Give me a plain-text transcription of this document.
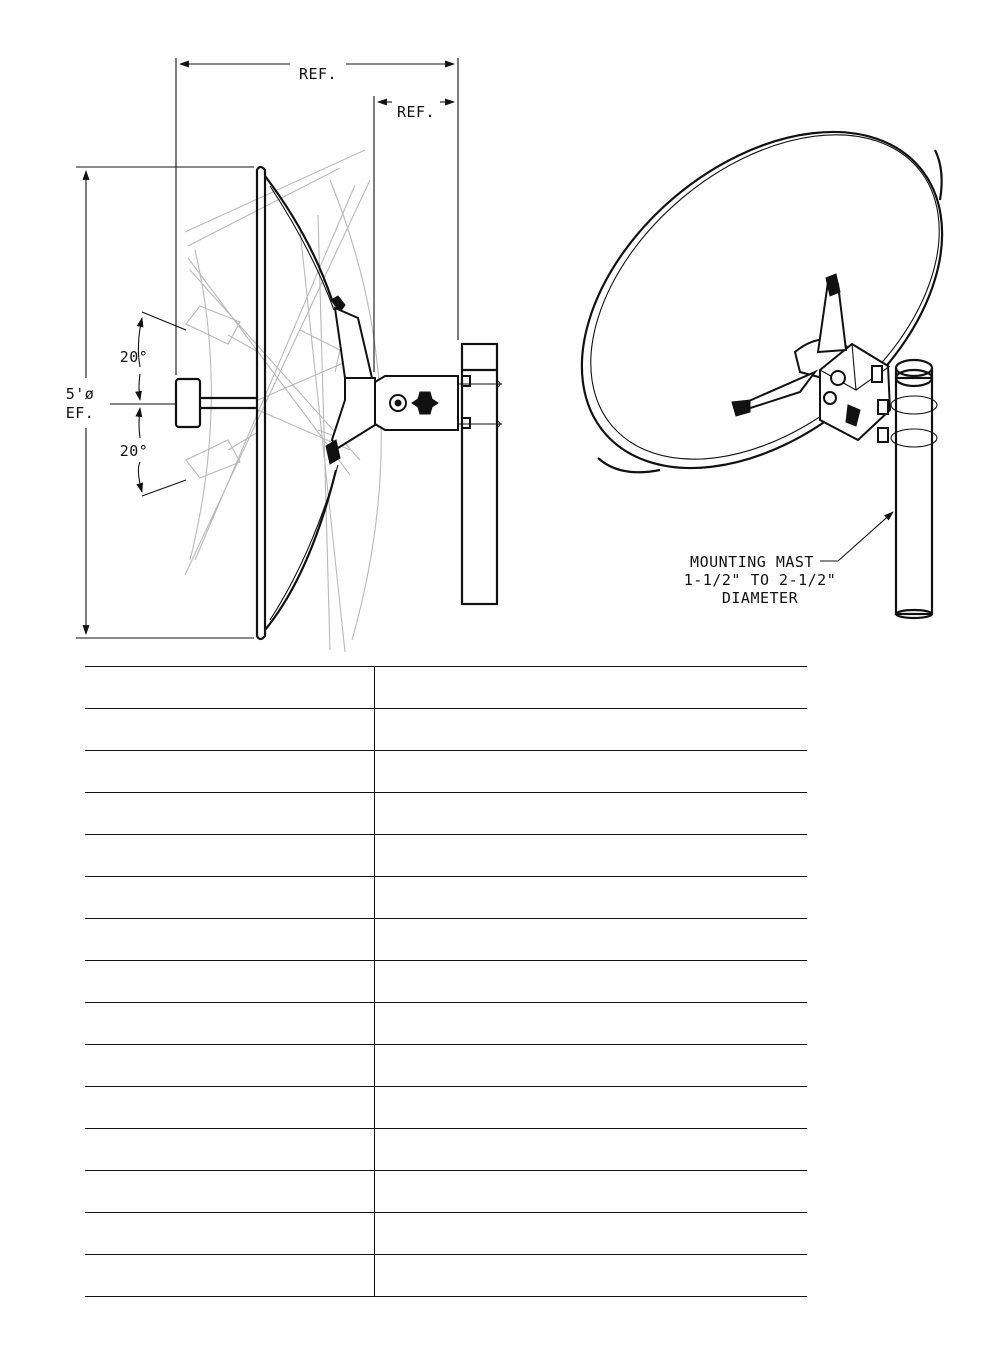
REF.
REF.
5'ø
EF.
20°
20°
MOUNTING MAST
1-1/2" TO 2-1/2"
DIAMETER
